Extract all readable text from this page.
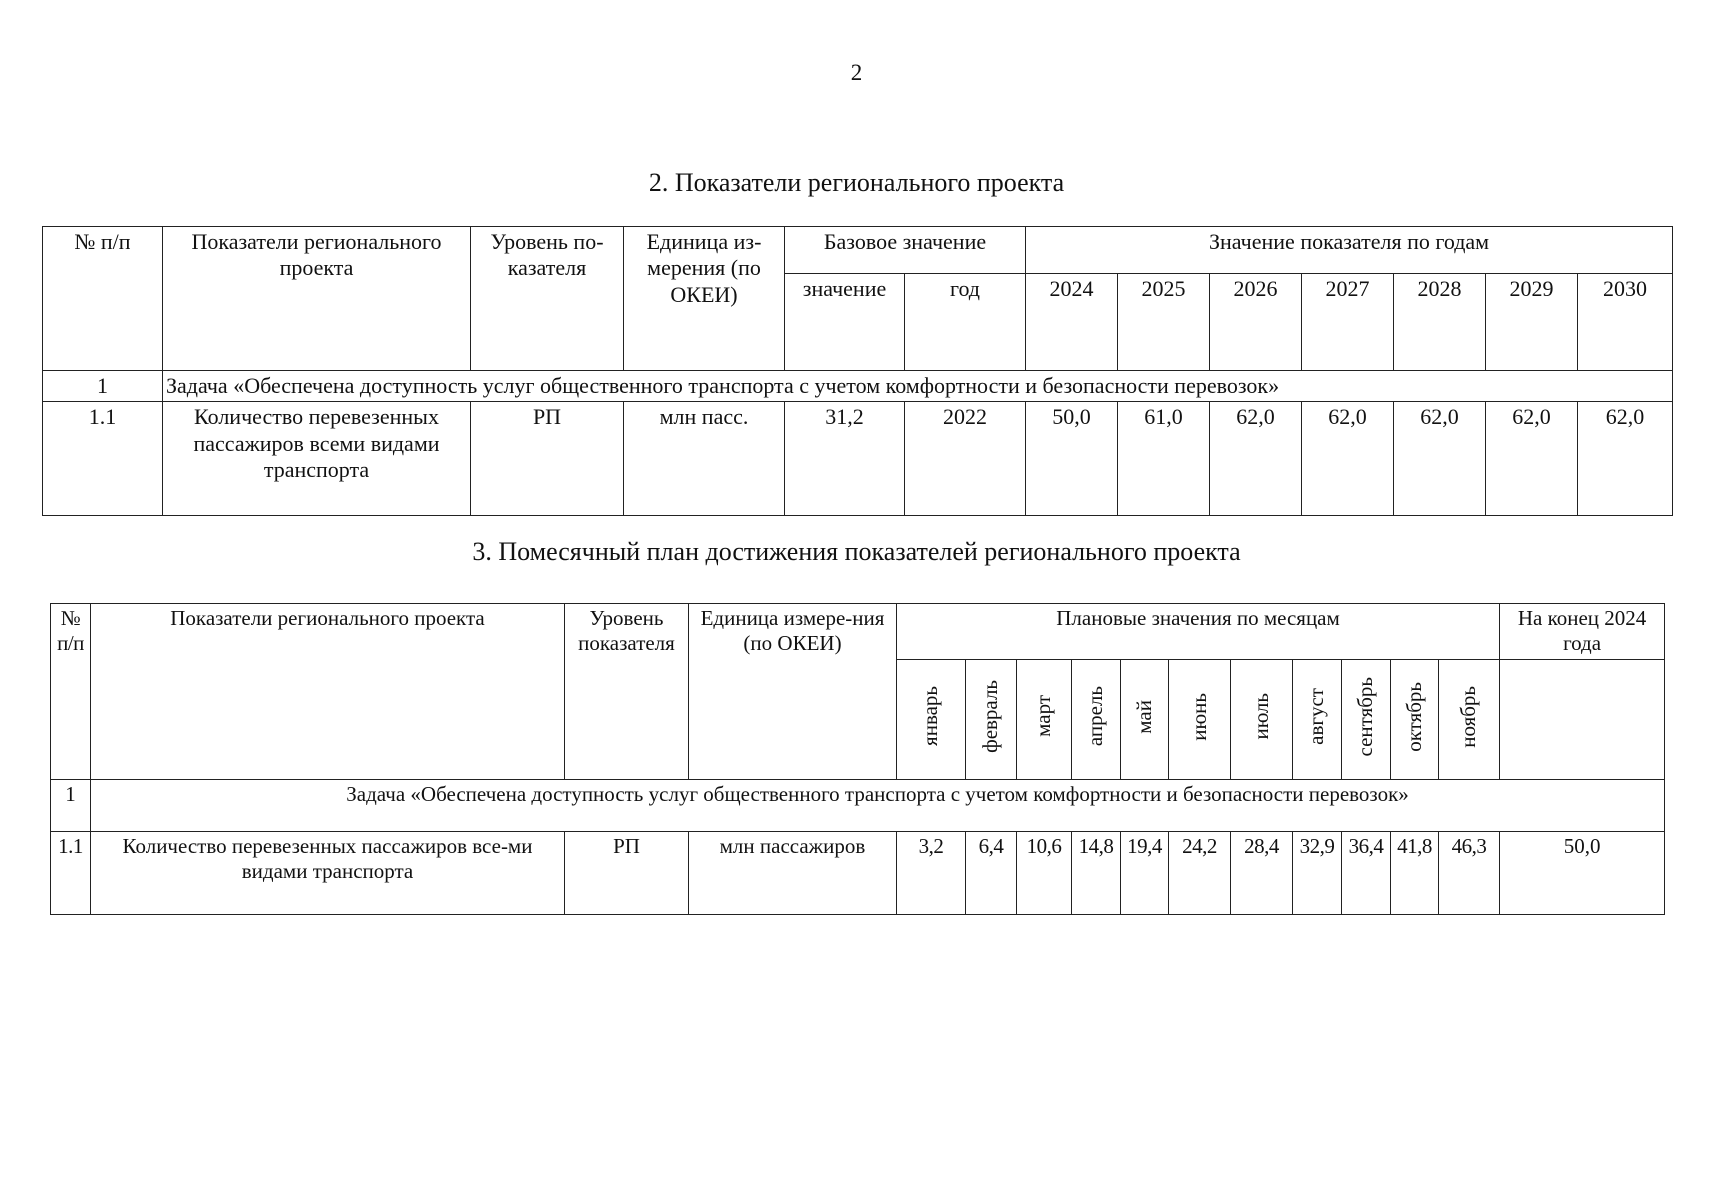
2
2. Показатели регионального проекта
№ п/п	Показатели регионального проекта	Уровень по-казателя	Единица из-мерения (по ОКЕИ)	Базовое значение		Значение показателя по годам						
				значение	год	2024	2025	2026	2027	2028	2029	2030
1	Задача «Обеспечена доступность услуг общественного транспорта с учетом комфортности и безопасности перевозок»											
1.1	Количество перевезенных пассажиров всеми видами транспорта	РП	млн пасс.	31,2	2022	50,0	61,0	62,0	62,0	62,0	62,0	62,0
3. Помесячный план достижения показателей регионального проекта
№ п/п	Показатели регионального проекта	Уровень показателя	Единица измере-ния (по ОКЕИ)	Плановые значения по месяцам											На конец 2024 года
				январь	февраль	март	апрель	май	июнь	июль	август	сентябрь	октябрь	ноябрь	
1	Задача «Обеспечена доступность услуг общественного транспорта с учетом комфортности и безопасности перевозок»														
1.1	Количество перевезенных пассажиров все-ми видами транспорта	РП	млн пассажиров	3,2	6,4	10,6	14,8	19,4	24,2	28,4	32,9	36,4	41,8	46,3	50,0
